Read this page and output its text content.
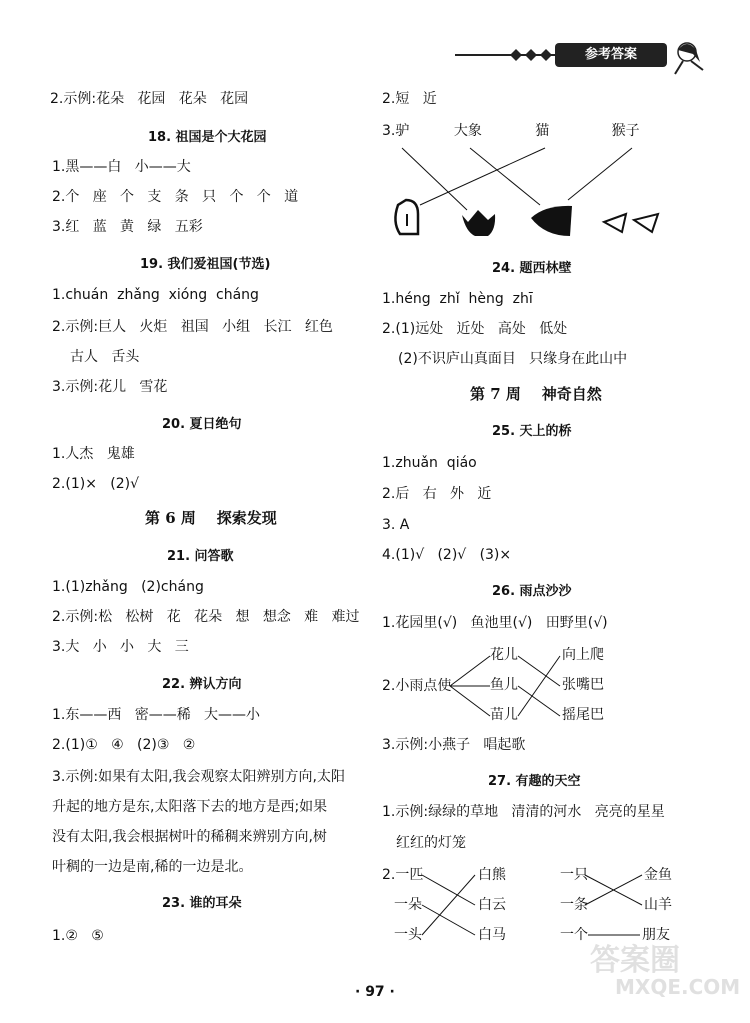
参考答案
2.示例:花朵   花园   花朵   花园
18. 祖国是个大花园
1.黑——白   小——大
2.个   座   个   支   条   只   个   个   道
3.红   蓝   黄   绿   五彩
19. 我们爱祖国(节选)
1.chuán  zhǎng  xióng  cháng
2.示例:巨人   火炬   祖国   小组   长江   红色
古人   舌头
3.示例:花儿   雪花
20. 夏日绝句
1.人杰   鬼雄
2.(1)×   (2)√
第 6 周    探索发现
21. 问答歌
1.(1)zhǎng   (2)cháng
2.示例:松   松树   花   花朵   想   想念   难   难过
3.大   小   小   大   三
22. 辨认方向
1.东——西   密——稀   大——小
2.(1)①   ④   (2)③   ②
3.示例:如果有太阳,我会观察太阳辨别方向,太阳
升起的地方是东,太阳落下去的地方是西;如果
没有太阳,我会根据树叶的稀稠来辨别方向,树
叶稠的一边是南,稀的一边是北。
23. 谁的耳朵
1.②   ⑤
2.短   近
3.驴          大象            猫              猴子
24. 题西林壁
1.héng  zhǐ  hèng  zhī
2.(1)远处   近处   高处   低处
(2)不识庐山真面目   只缘身在此山中
第 7 周    神奇自然
25. 天上的桥
1.zhuǎn  qiáo
2.后   右   外   近
3. A
4.(1)√   (2)√   (3)×
26. 雨点沙沙
1.花园里(√)   鱼池里(√)   田野里(√)
2.小雨点使
花儿
鱼儿
苗儿
向上爬
张嘴巴
摇尾巴
3.示例:小燕子   唱起歌
27. 有趣的天空
1.示例:绿绿的草地   清清的河水   亮亮的星星
红红的灯笼
2.一匹
一朵
一头
白熊
白云
白马
一只
一条
一个
金鱼
山羊
朋友
· 97 ·
答案圈
MXQE.COM
